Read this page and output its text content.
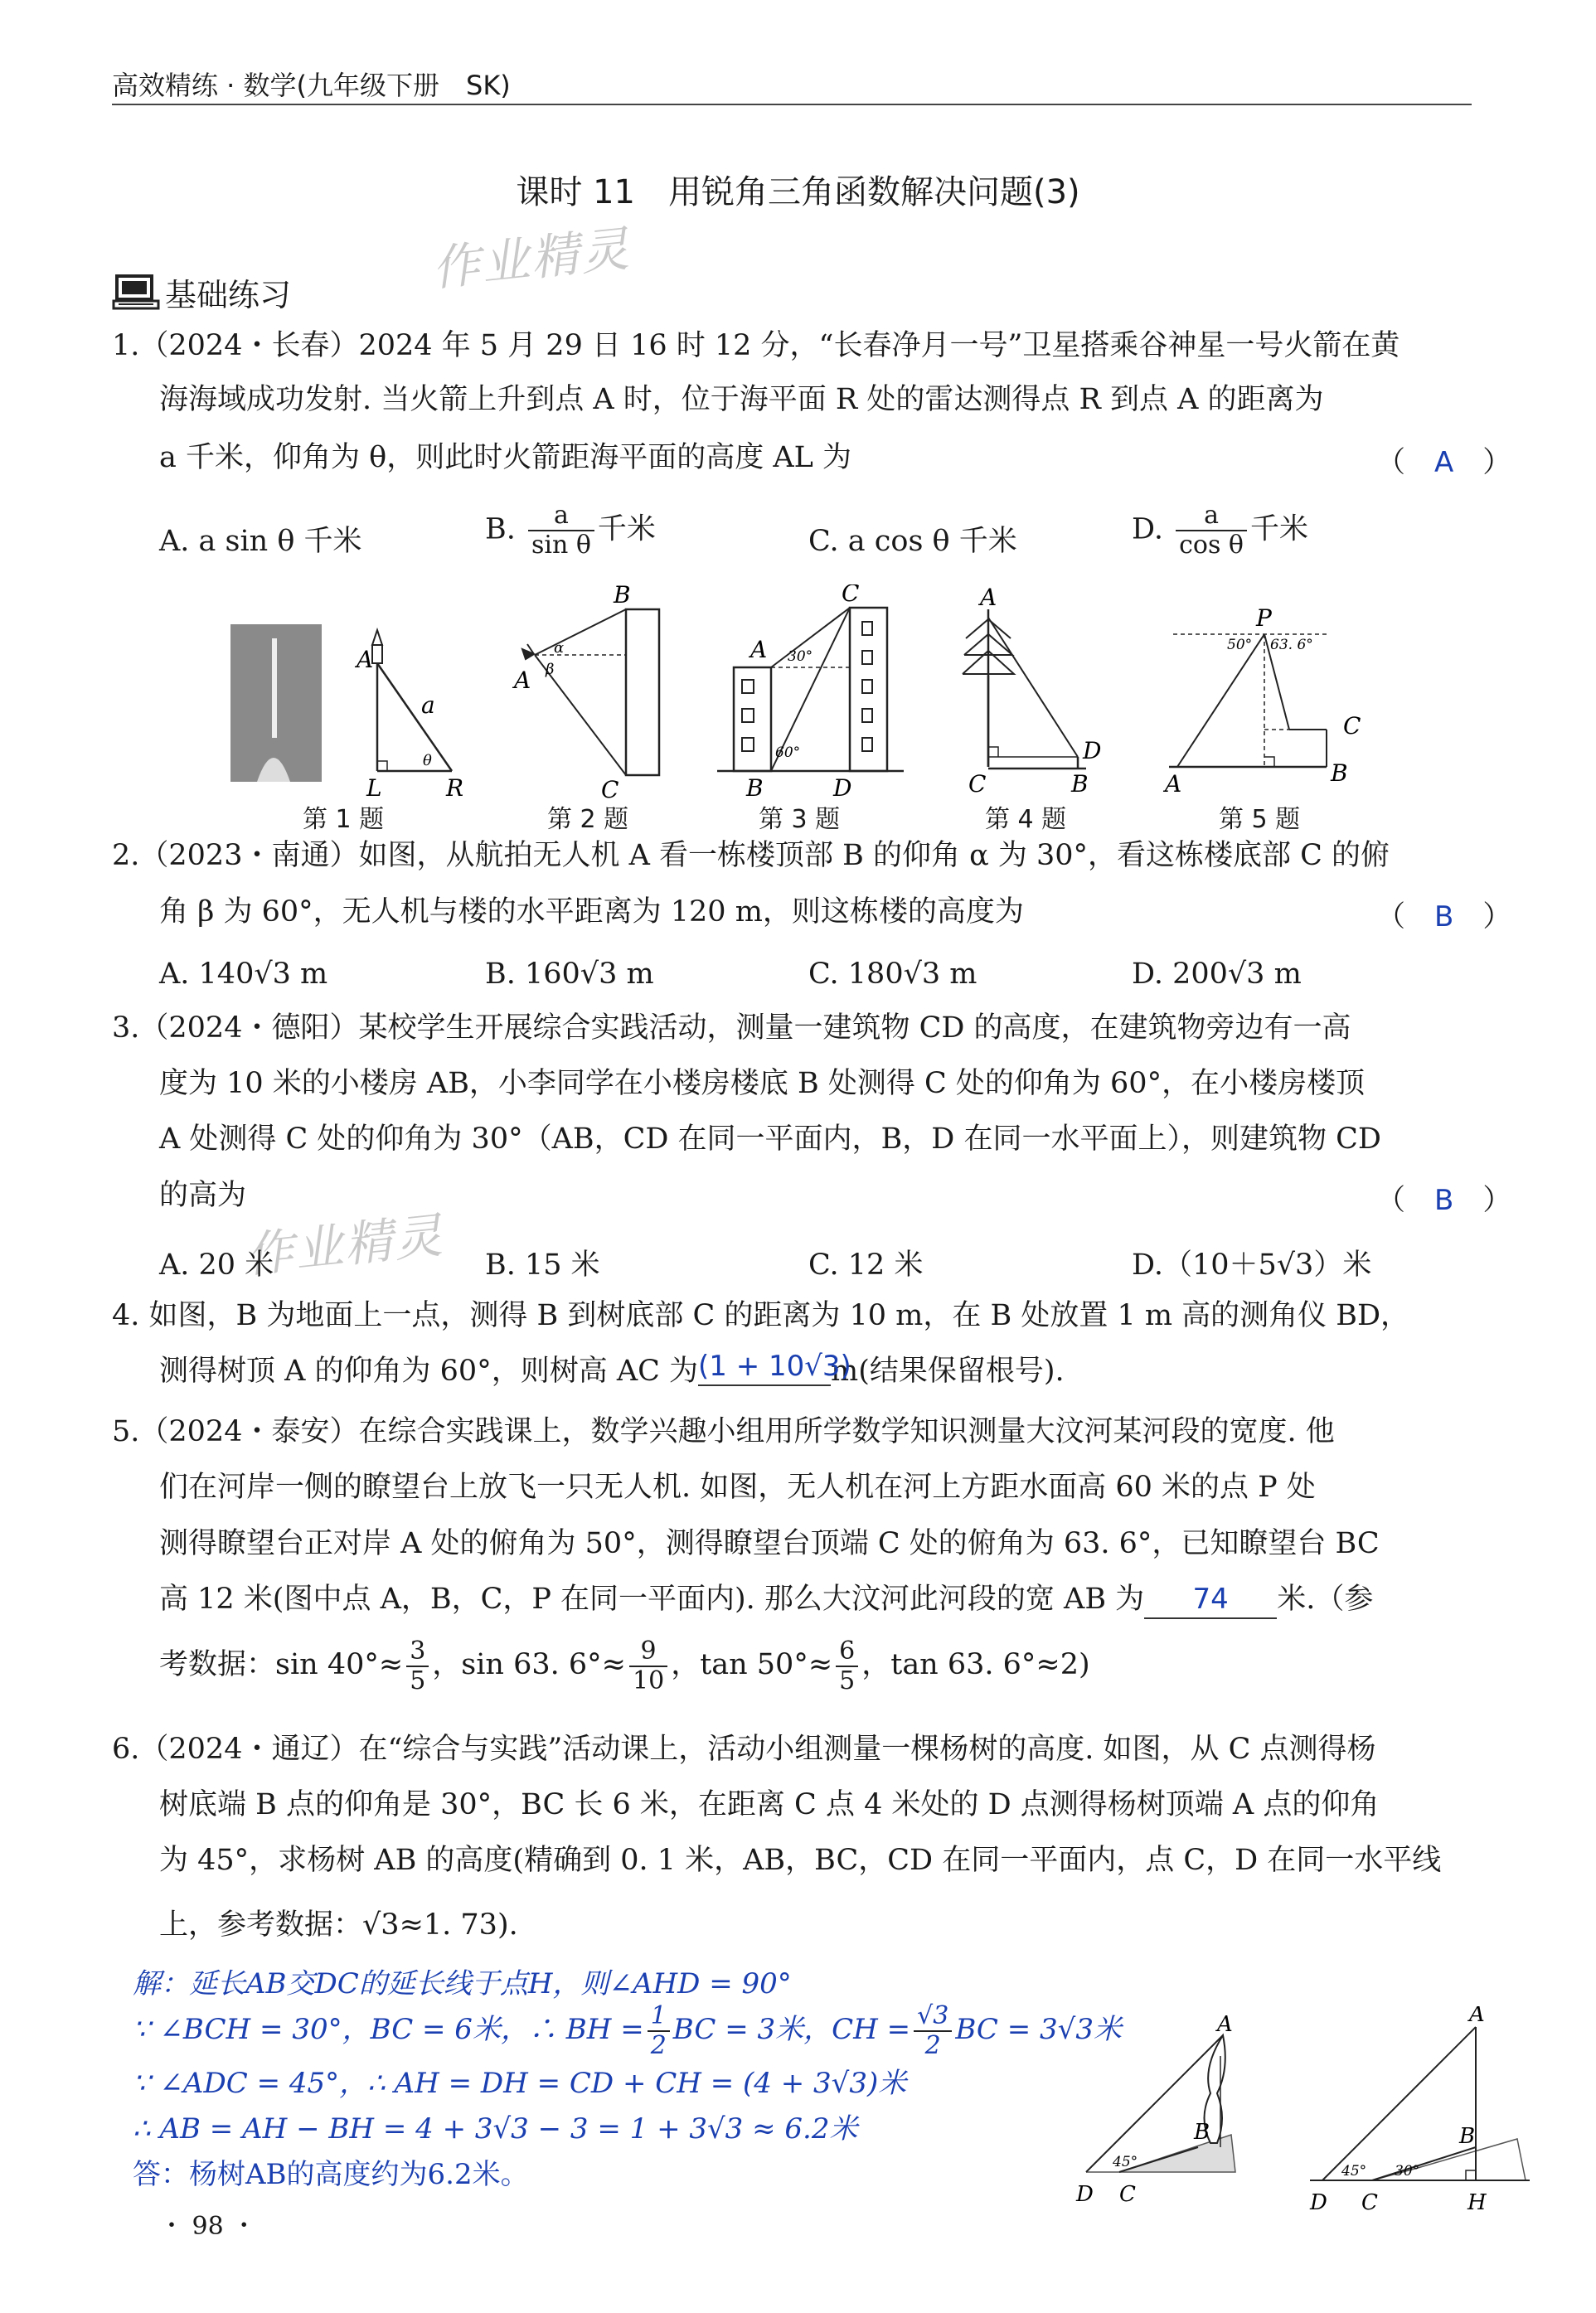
高效精练 · 数学(九年级下册　SK)
课时 11　用锐角三角函数解决问题(3)
作业精灵
作业精灵
基础练习
1.（2024・长春）2024 年 5 月 29 日 16 时 12 分，“长春净月一号”卫星搭乘谷神星一号火箭在黄
海海域成功发射. 当火箭上升到点 A 时，位于海平面 R 处的雷达测得点 R 到点 A 的距离为
a 千米，仰角为 θ，则此时火箭距海平面的高度 AL 为	（　A　）
A. a sin θ 千米	B. $\frac{a}{\text{sin θ}}$ 千米	C. a cos θ 千米	D. $\frac{a}{\text{cos θ}}$ 千米
A
a
L	R
θ
B
A
C
α
β
C
A
B	D
30°
60°
A
C	B
D
P
A	B
C
50° 63. 6°
第 1 题	第 2 题	第 3 题	第 4 题	第 5 题
2.（2023・南通）如图，从航拍无人机 A 看一栋楼顶部 B 的仰角 α 为 30°，看这栋楼底部 C 的俯
角 β 为 60°，无人机与楼的水平距离为 120 m，则这栋楼的高度为	（　B　）
A. 140√3 m	B. 160√3 m	C. 180√3 m	D. 200√3 m
3.（2024・德阳）某校学生开展综合实践活动，测量一建筑物 CD 的高度，在建筑物旁边有一高
度为 10 米的小楼房 AB，小李同学在小楼房楼底 B 处测得 C 处的仰角为 60°，在小楼房楼顶
A 处测得 C 处的仰角为 30°（AB，CD 在同一平面内，B，D 在同一水平面上），则建筑物 CD
的高为	（　B　）
A. 20 米	B. 15 米	C. 12 米	D.（10＋5√3）米
4. 如图，B 为地面上一点，测得 B 到树底部 C 的距离为 10 m，在 B 处放置 1 m 高的测角仪 BD，
测得树顶 A 的仰角为 60°，则树高 AC 为(1 + 10√3)m(结果保留根号).
5.（2024・泰安）在综合实践课上，数学兴趣小组用所学数学知识测量大汶河某河段的宽度. 他
们在河岸一侧的瞭望台上放飞一只无人机. 如图，无人机在河上方距水面高 60 米的点 P 处
测得瞭望台正对岸 A 处的俯角为 50°，测得瞭望台顶端 C 处的俯角为 63. 6°，已知瞭望台 BC
高 12 米(图中点 A，B，C，P 在同一平面内). 那么大汶河此河段的宽 AB 为 74 米.（参
考数据：$\sin 40^\circ\approx \frac{3}{5}$ ，sin 63. $6^\circ\approx \frac{9}{10}$ ，$\tan 50^\circ\approx \frac{6}{5}$ ，tan 63. 6°≈2)
6.（2024・通辽）在“综合与实践”活动课上，活动小组测量一棵杨树的高度. 如图，从 C 点测得杨
树底端 B 点的仰角是 30°，BC 长 6 米，在距离 C 点 4 米处的 D 点测得杨树顶端 A 点的仰角
为 45°，求杨树 AB 的高度(精确到 0. 1 米，AB，BC，CD 在同一平面内，点 C，D 在同一水平线
上，参考数据：√3≈1. 73).
解：延长AB交DC的延长线于点H，则∠AHD = 90°
∵ ∠BCH = 30°，BC = 6米，∴ BH = $\frac{1}{2}$ BC = 3米，CH = $\frac{√3}{2}$ BC = 3√3米
∵ ∠ADC = 45°，∴ AH = DH = CD + CH = (4 + 3√3)米
∴ AB = AH − BH = 4 + 3√3 − 3 = 1 + 3√3 ≈ 6.2米
答：杨树AB的高度约为6.2米。
A
B
D C
45°
A
B
D C	H
45° 30°
・ 98 ・
